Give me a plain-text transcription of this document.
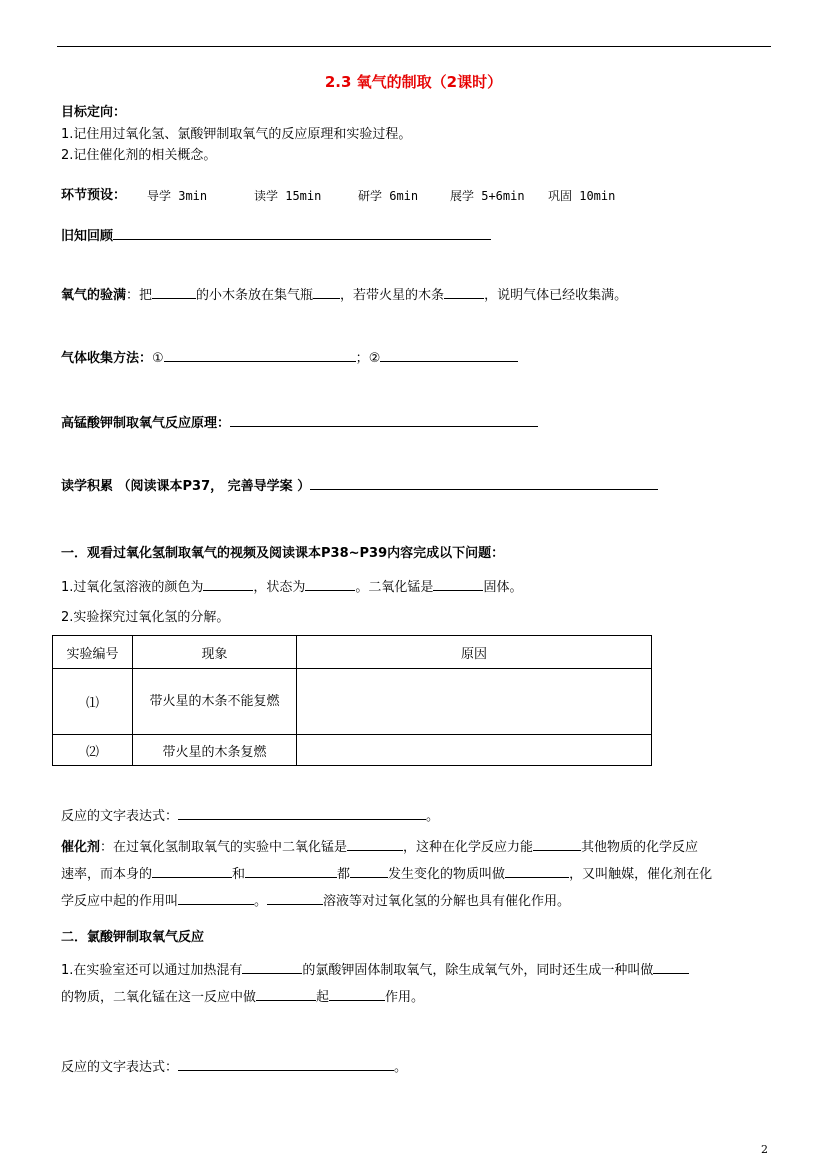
2.3 氧气的制取（2课时）
目标定向：
1.记住用过氧化氢、氯酸钾制取氧气的反应原理和实验过程。
2.记住催化剂的相关概念。
环节预设： 导学 3min	读学 15min	研学 6min	展学 5+6min 巩固 10min
旧知回顾
氧气的验满：把	的小木条放在集气瓶 ，若带火星的木条	，说明气体已经收集满。
气体收集方法：①	；②
高锰酸钾制取氧气反应原理：
读学积累 （阅读课本P37， 完善导学案 ）
一．观看过氧化氢制取氧气的视频及阅读课本P38~P39内容完成以下问题：
1.过氧化氢溶液的颜色为	，状态为	。二氧化锰是	固体。
2.实验探究过氧化氢的分解。
实验编号	现象	原因
⑴	带火星的木条不能复燃	
⑵	带火星的木条复燃	
反应的文字表达式：	。
催化剂：在过氧化氢制取氧气的实验中二氧化锰是	，这种在化学反应力能	其他物质的化学反应
速率，而本身的	和	都	发生变化的物质叫做	，又叫触媒，催化剂在化
学反应中起的作用叫	。	溶液等对过氧化氢的分解也具有催化作用。
二．氯酸钾制取氧气反应
1.在实验室还可以通过加热混有	的氯酸钾固体制取氧气，除生成氧气外，同时还生成一种叫做
的物质，二氧化锰在这一反应中做	起	作用。
反应的文字表达式：	。
2
